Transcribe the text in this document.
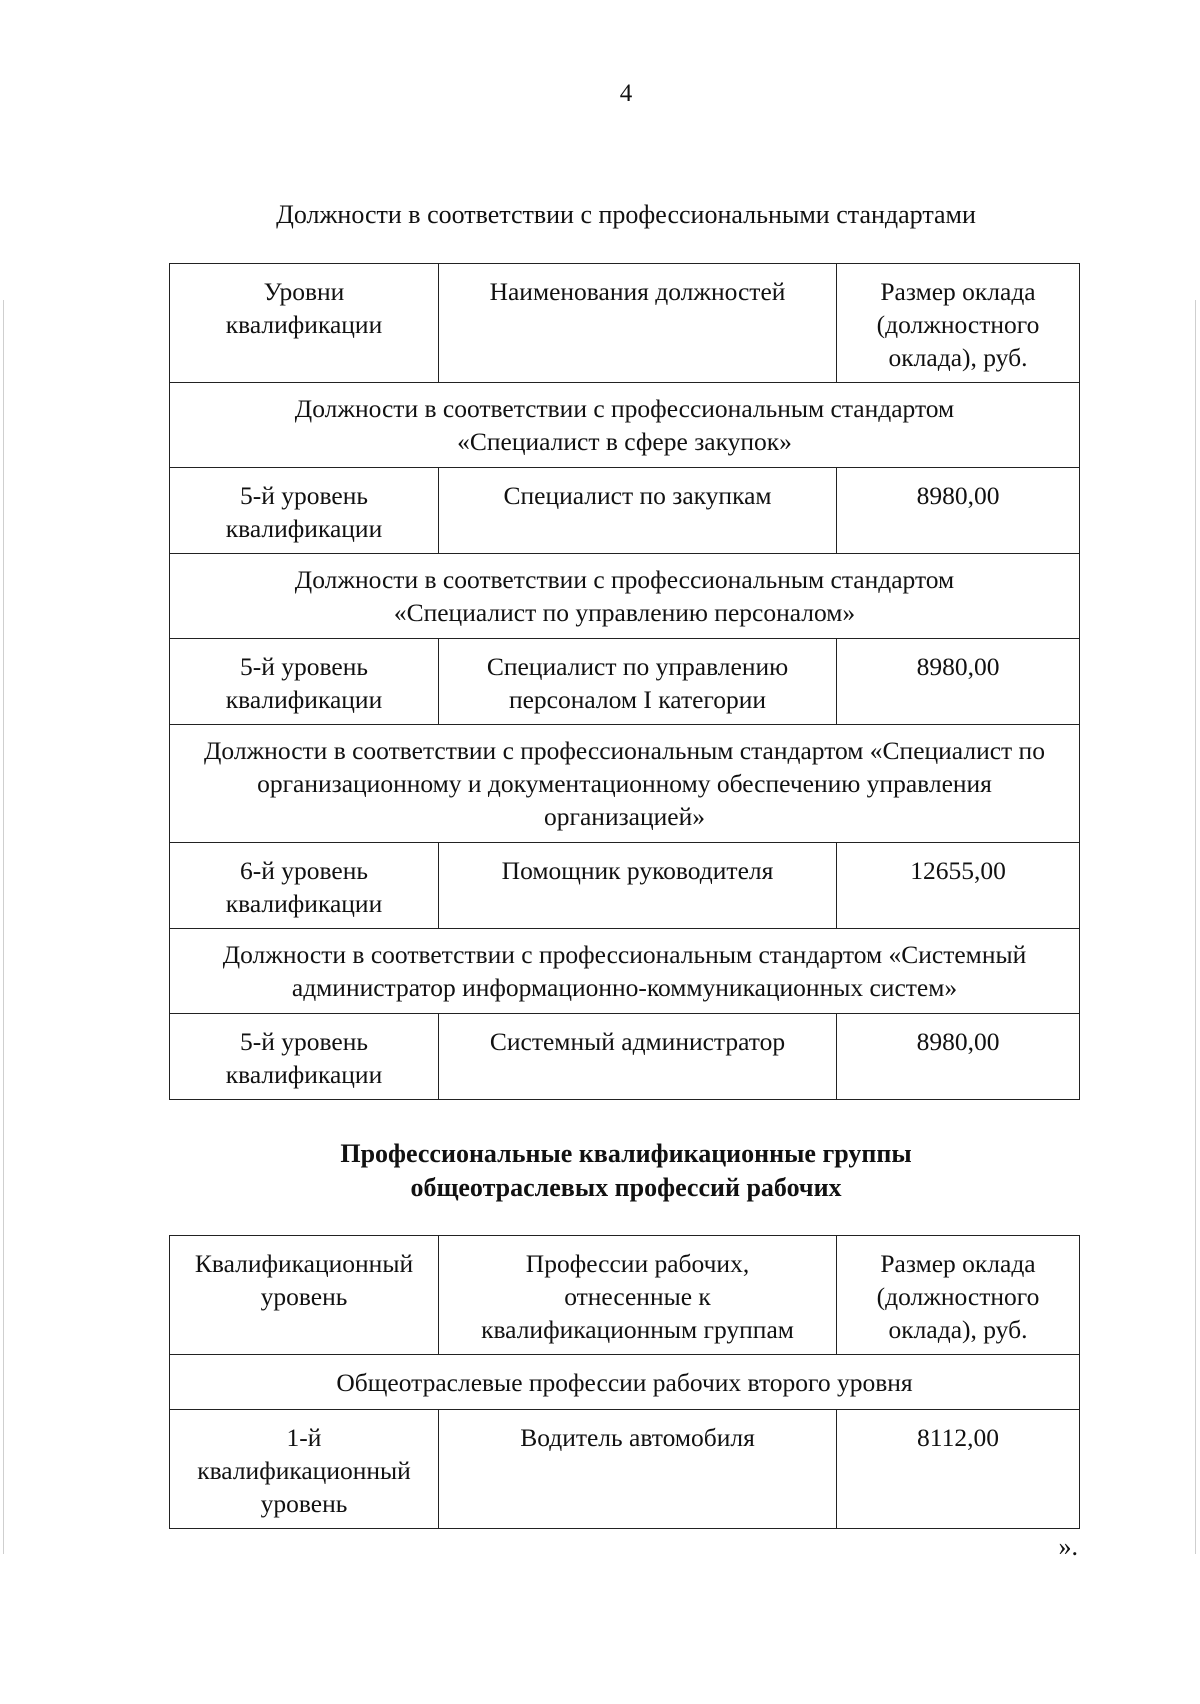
4
Должности в соответствии с профессиональными стандартами
Уровни квалификации	Наименования должностей	Размер оклада (должностного оклада), руб.
Должности в соответствии с профессиональным стандартом «Специалист в сфере закупок»		
5-й уровень квалификации	Специалист по закупкам	8980,00
Должности в соответствии с профессиональным стандартом «Специалист по управлению персоналом»		
5-й уровень квалификации	Специалист по управлению персоналом I категории	8980,00
Должности в соответствии с профессиональным стандартом «Специалист по организационному и документационному обеспечению управления организацией»		
6-й уровень квалификации	Помощник руководителя	12655,00
Должности в соответствии с профессиональным стандартом «Системный администратор информационно-коммуникационных систем»		
5-й уровень квалификации	Системный администратор	8980,00
Профессиональные квалификационные группы
общеотраслевых профессий рабочих
Квалификационный уровень	Профессии рабочих, отнесенные к квалификационным группам	Размер оклада (должностного оклада), руб.
Общеотраслевые профессии рабочих второго уровня		
1-й квалификационный уровень	Водитель автомобиля	8112,00
».
